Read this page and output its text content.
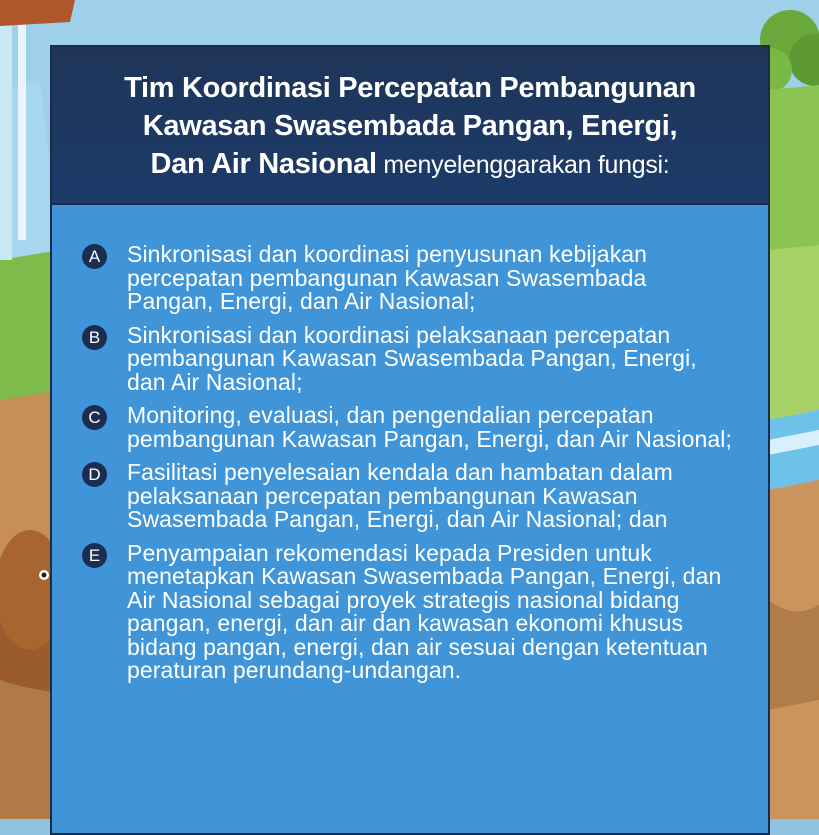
Tim Koordinasi Percepatan Pembangunan
Kawasan Swasembada Pangan, Energi,
Dan Air Nasional menyelenggarakan fungsi:
A Sinkronisasi dan koordinasi penyusunan kebijakan percepatan pembangunan Kawasan Swasembada Pangan, Energi, dan Air Nasional;
B Sinkronisasi dan koordinasi pelaksanaan percepatan pembangunan Kawasan Swasembada Pangan, Energi, dan Air Nasional;
C Monitoring, evaluasi, dan pengendalian percepatan pembangunan Kawasan Pangan, Energi, dan Air Nasional;
D Fasilitasi penyelesaian kendala dan hambatan dalam pelaksanaan percepatan pembangunan Kawasan Swasembada Pangan, Energi, dan Air Nasional; dan
E Penyampaian rekomendasi kepada Presiden untuk menetapkan Kawasan Swasembada Pangan, Energi, dan Air Nasional sebagai proyek strategis nasional bidang pangan, energi, dan air dan kawasan ekonomi khusus bidang pangan, energi, dan air sesuai dengan ketentuan peraturan perundang-undangan.
